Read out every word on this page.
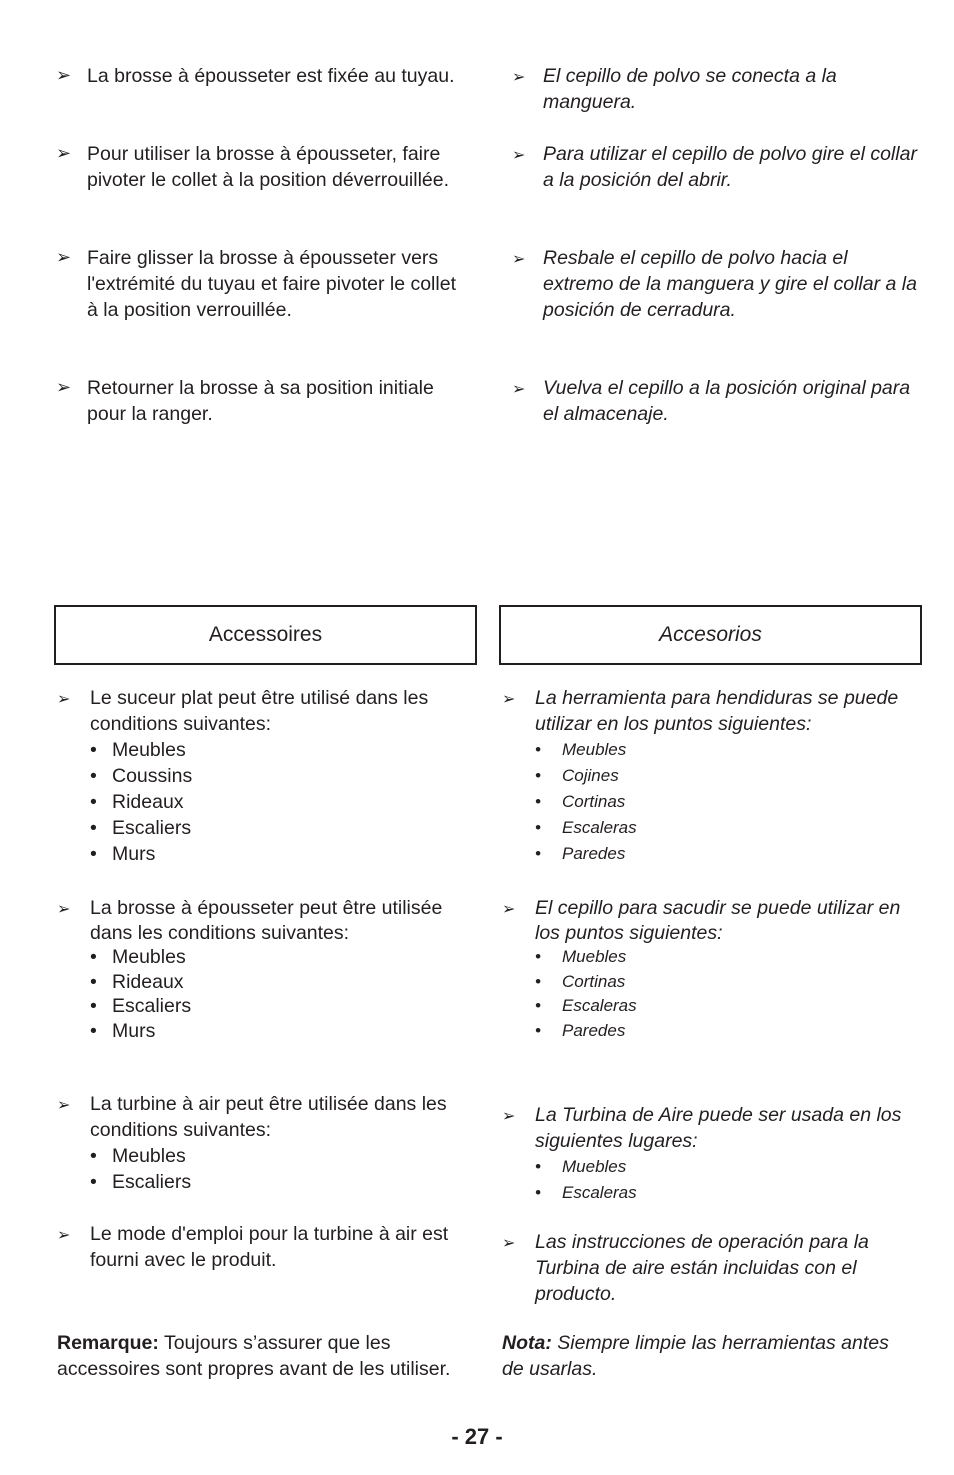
➢ La brosse à épousseter est fixée au tuyau.
➢ Pour utiliser la brosse à épousseter, faire pivoter le collet à la position déverrouillée.
➢ Faire glisser la brosse à épousseter vers l'extrémité du tuyau et faire pivoter le collet à la position verrouillée.
➢ Retourner la brosse à sa position initiale pour la ranger.
➢ El cepillo de polvo se conecta a la manguera.
➢ Para utilizar el cepillo de polvo gire el collar a la posición del abrir.
➢ Resbale el cepillo de polvo hacia el extremo de la manguera y gire el collar a la posición de cerradura.
➢ Vuelva el cepillo a la posición original para el almacenaje.
Accessoires	Accesorios
➢ Le suceur plat peut être utilisé dans les conditions suivantes:
• Meubles
• Coussins
• Rideaux
• Escaliers
• Murs
➢ La brosse à épousseter peut être utilisée dans les conditions suivantes:
• Meubles
• Rideaux
• Escaliers
• Murs
➢ La turbine à air peut être utilisée dans les conditions suivantes:
• Meubles
• Escaliers
➢ Le mode d'emploi pour la turbine à air est fourni avec le produit.
➢ La herramienta para hendiduras se puede utilizar en los puntos siguientes:
• Meubles
• Cojines
• Cortinas
• Escaleras
• Paredes
➢ El cepillo para sacudir se puede utilizar en los puntos siguientes:
• Muebles
• Cortinas
• Escaleras
• Paredes
➢ La Turbina de Aire puede ser usada en los siguientes lugares:
• Muebles
• Escaleras
➢ Las instrucciones de operación para la Turbina de aire están incluidas con el producto.
Remarque: Toujours s’assurer que les accessoires sont propres avant de les utiliser.
Nota: Siempre limpie las herramientas antes de usarlas.
- 27 -
